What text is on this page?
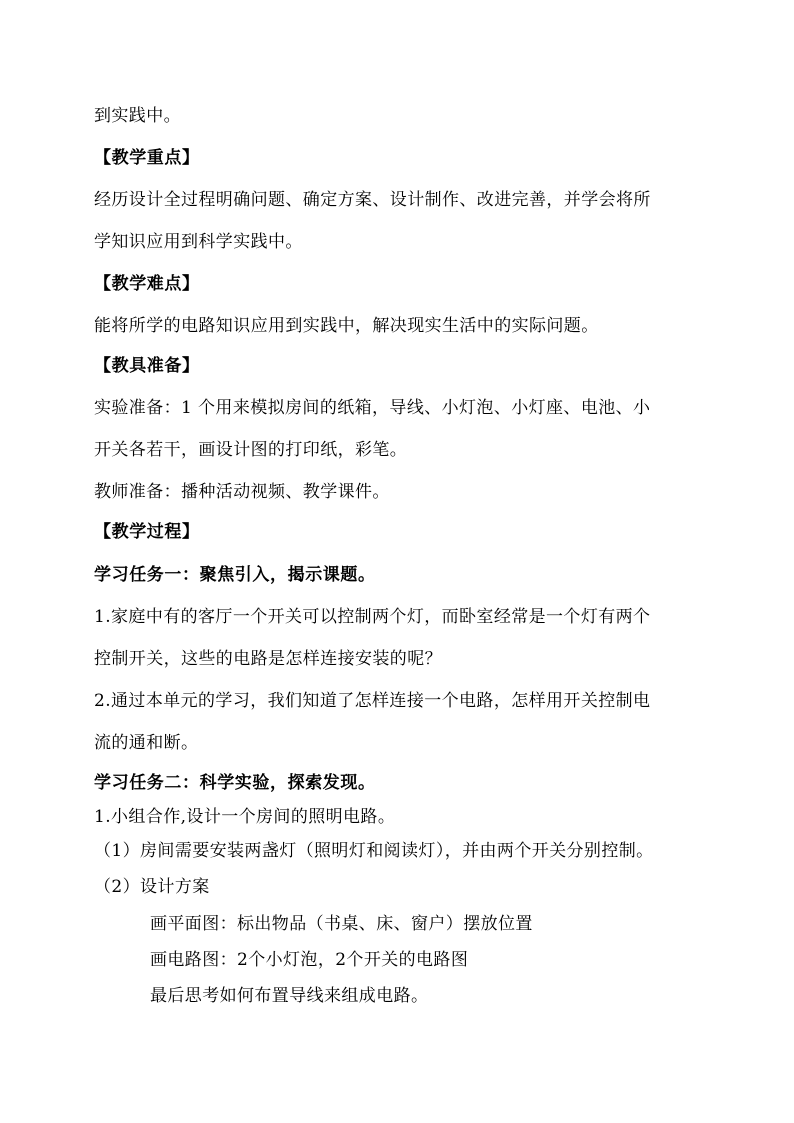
到实践中。
【教学重点】
经历设计全过程明确问题、确定方案、设计制作、改进完善，并学会将所
学知识应用到科学实践中。
【教学难点】
能将所学的电路知识应用到实践中，解决现实生活中的实际问题。
【教具准备】
实验准备：1 个用来模拟房间的纸箱，导线、小灯泡、小灯座、电池、小
开关各若干，画设计图的打印纸，彩笔。
教师准备：播种活动视频、教学课件。
【教学过程】
学习任务一：聚焦引入，揭示课题。
1.家庭中有的客厅一个开关可以控制两个灯，而卧室经常是一个灯有两个
控制开关，这些的电路是怎样连接安装的呢？
2.通过本单元的学习，我们知道了怎样连接一个电路，怎样用开关控制电
流的通和断。
学习任务二：科学实验，探索发现。
1.小组合作,设计一个房间的照明电路。
（1）房间需要安装两盏灯（照明灯和阅读灯），并由两个开关分别控制。
（2）设计方案
画平面图：标出物品（书桌、床、窗户）摆放位置
画电路图：2个小灯泡，2个开关的电路图
最后思考如何布置导线来组成电路。
